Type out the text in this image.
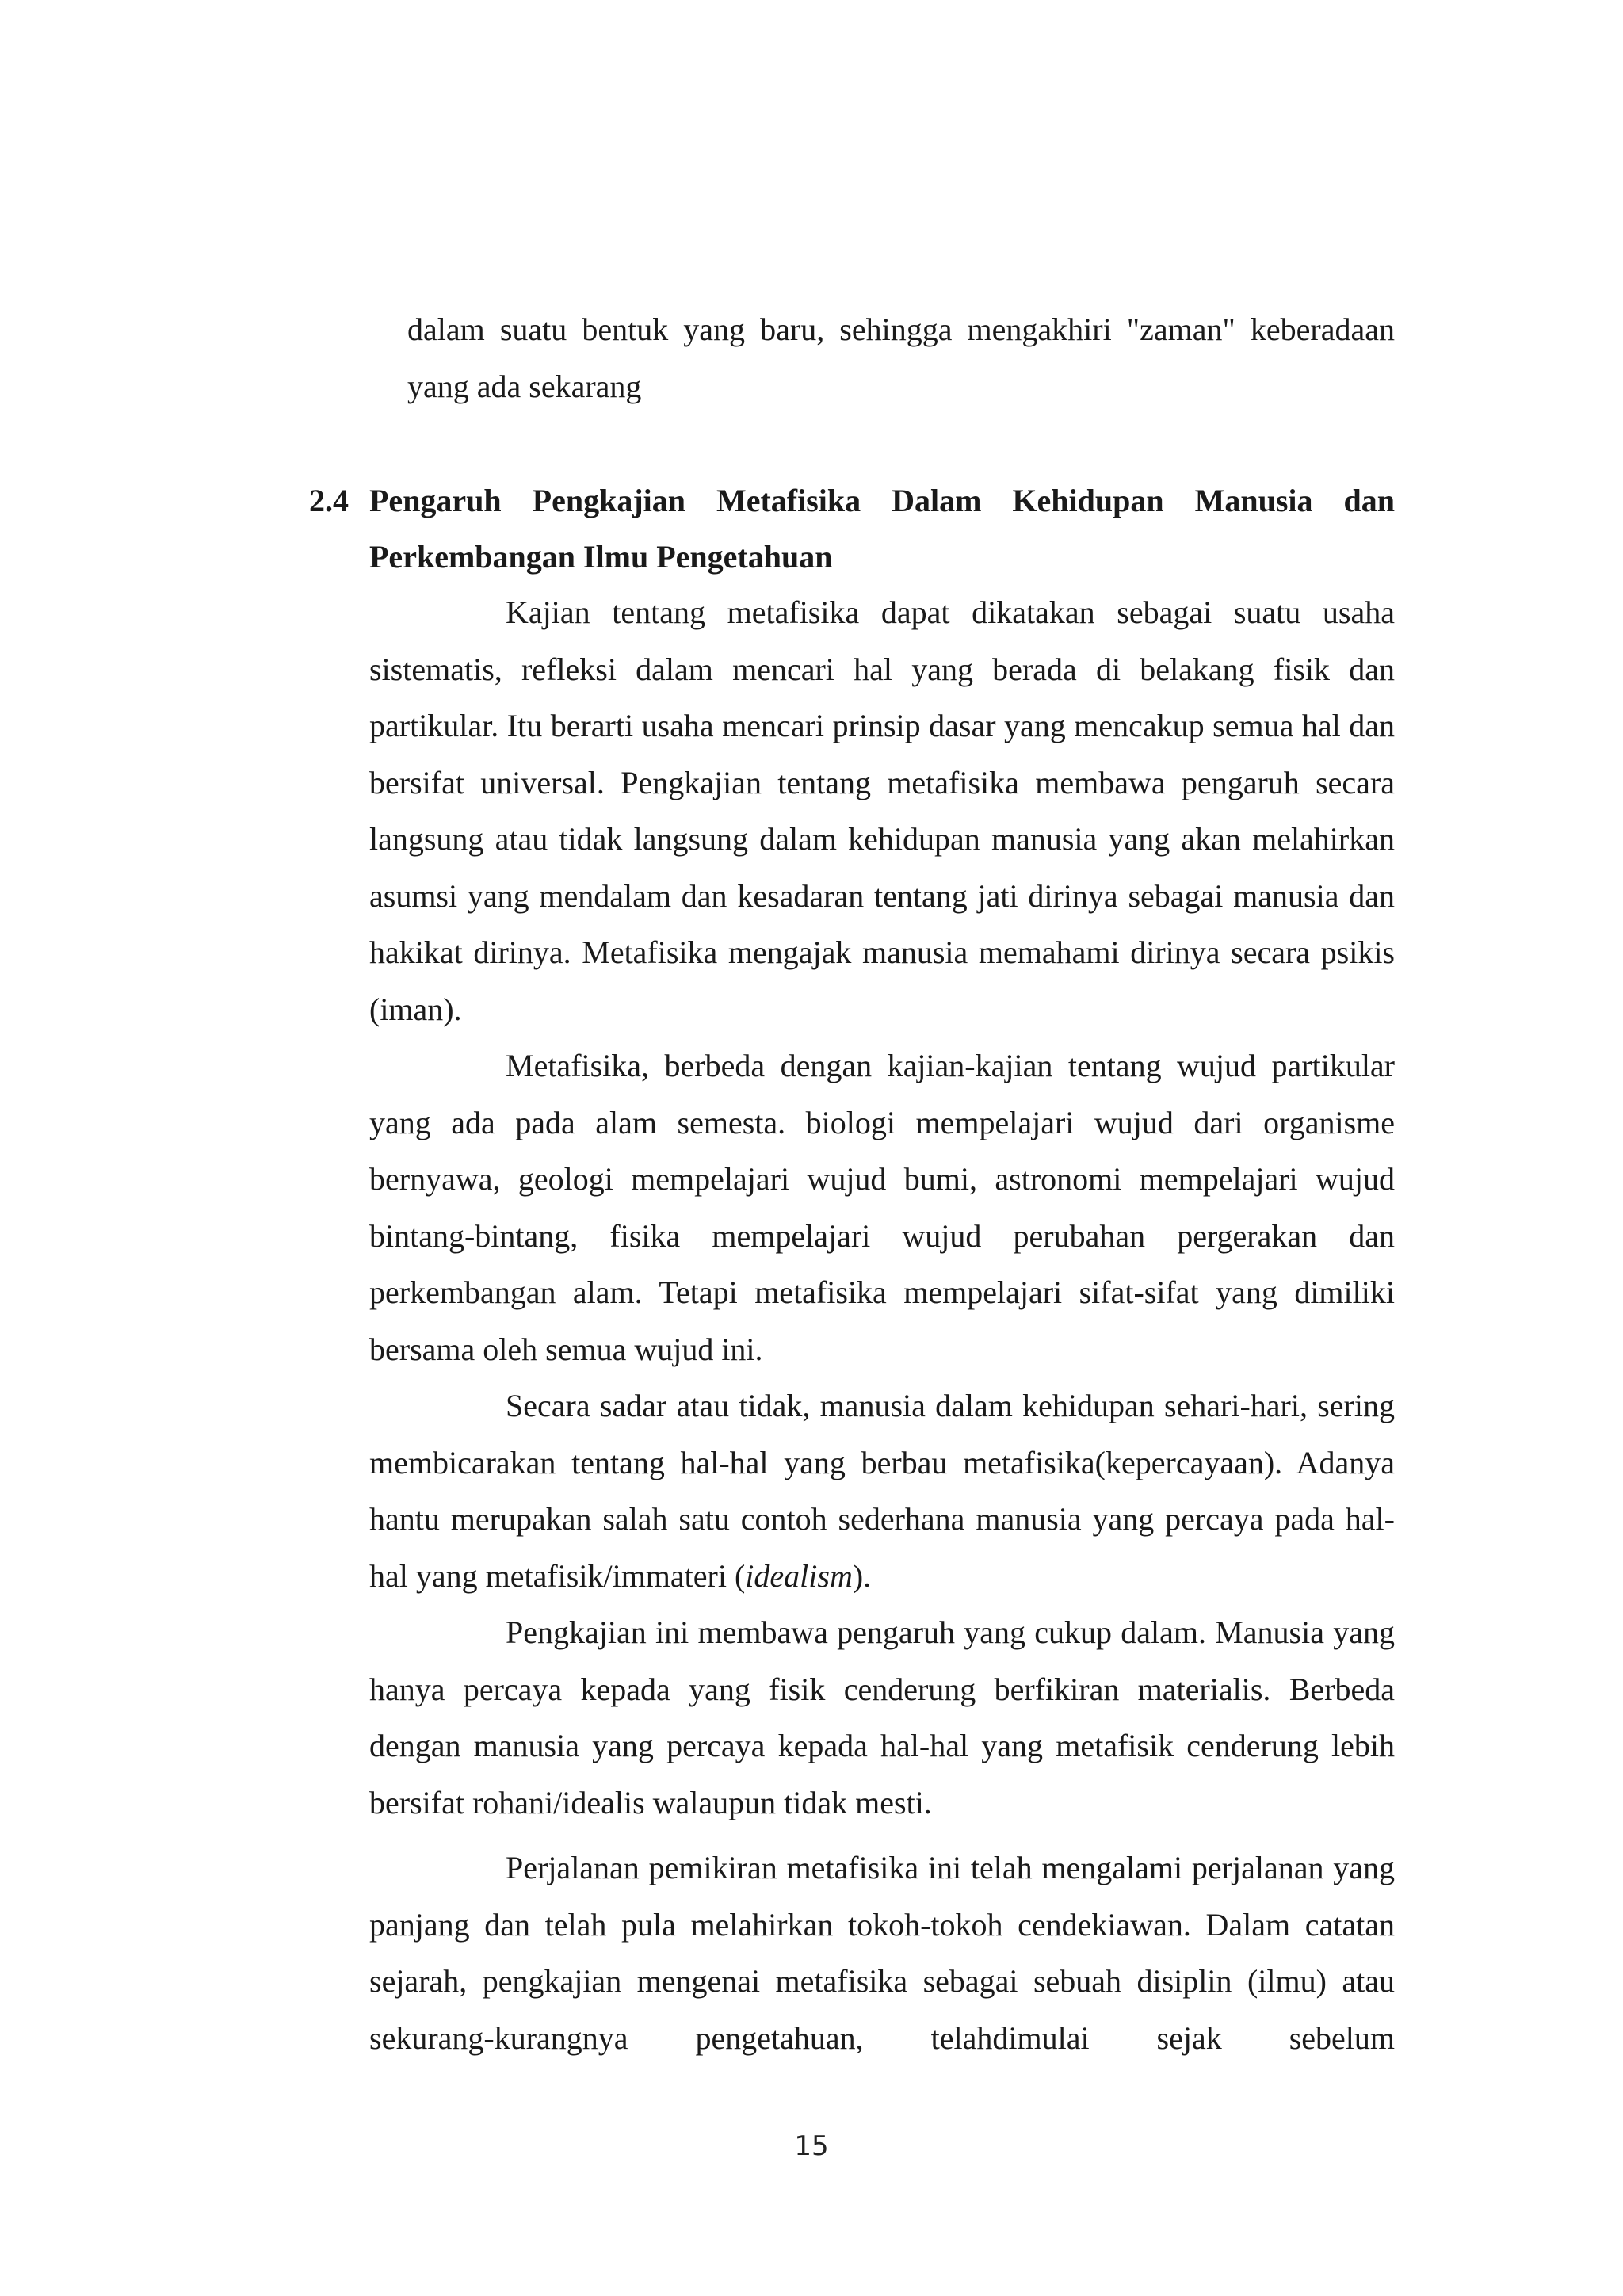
dalam suatu bentuk yang baru, sehingga mengakhiri "zaman" keberadaan yang ada sekarang
2.4 Pengaruh Pengkajian Metafisika Dalam Kehidupan Manusia dan Perkembangan Ilmu Pengetahuan

Kajian tentang metafisika dapat dikatakan sebagai suatu usaha sistematis, refleksi dalam mencari hal yang berada di belakang fisik dan partikular. Itu berarti usaha mencari prinsip dasar yang mencakup semua hal dan bersifat universal. Pengkajian tentang metafisika membawa pengaruh secara langsung atau tidak langsung dalam kehidupan manusia yang akan melahirkan asumsi yang mendalam dan kesadaran tentang jati dirinya sebagai manusia dan hakikat dirinya. Metafisika mengajak manusia memahami dirinya secara psikis (iman).

Metafisika, berbeda dengan kajian-kajian tentang wujud partikular yang ada pada alam semesta. biologi mempelajari wujud dari organisme bernyawa, geologi mempelajari wujud bumi, astronomi mempelajari wujud bintang-bintang, fisika mempelajari wujud perubahan pergerakan dan perkembangan alam. Tetapi metafisika mempelajari sifat-sifat yang dimiliki bersama oleh semua wujud ini.

Secara sadar atau tidak, manusia dalam kehidupan sehari-hari, sering membicarakan tentang hal-hal yang berbau metafisika(kepercayaan). Adanya hantu merupakan salah satu contoh sederhana manusia yang percaya pada hal-hal yang metafisik/immateri (idealism).

Pengkajian ini membawa pengaruh yang cukup dalam. Manusia yang hanya percaya kepada yang fisik cenderung berfikiran materialis. Berbeda dengan manusia yang percaya kepada hal-hal yang metafisik cenderung lebih bersifat rohani/idealis walaupun tidak mesti.

Perjalanan pemikiran metafisika ini telah mengalami perjalanan yang panjang dan telah pula melahirkan tokoh-tokoh cendekiawan. Dalam catatan sejarah, pengkajian mengenai metafisika sebagai sebuah disiplin (ilmu) atau sekurang-kurangnya pengetahuan, telahdimulai sejak sebelum

15
